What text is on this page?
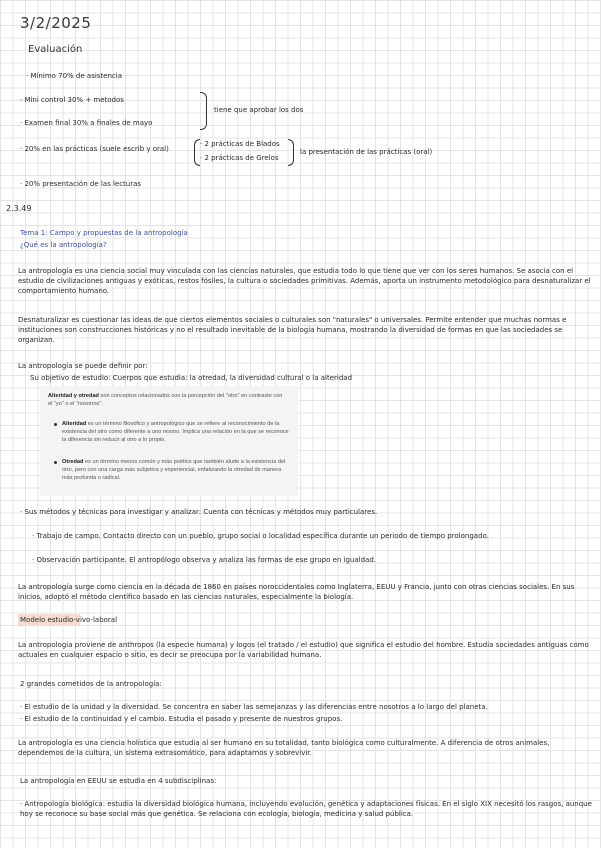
3/2/2025
Evaluación
· Mínimo 70% de asistencia
· Mini control 30% + metodos
· Examen final 30% a finales de mayo
tiene que aprobar los dos
· 20% en las prácticas (suele escrib y oral)
· 2 prácticas de Blados
· 2 prácticas de Grelos
la presentación de las prácticas (oral)
· 20% presentación de las lecturas
2.3.49
Tema 1: Campo y propuestas de la antropología
¿Qué es la antropología?
La antropología es una ciencia social muy vinculada con las ciencias naturales, que estudia todo lo que tiene que ver con los seres humanos. Se asocia con el estudio de civilizaciones antiguas y exóticas, restos fósiles, la cultura o sociedades primitivas. Además, aporta un instrumento metodológico para desnaturalizar el comportamiento humano.
Desnaturalizar es cuestionar las ideas de que ciertos elementos sociales o culturales son "naturales" o universales. Permite entender que muchas normas e instituciones son construcciones históricas y no el resultado inevitable de la biología humana, mostrando la diversidad de formas en que las sociedades se organizan.
La antropología se puede definir por:
Su objetivo de estudio: Cuerpos que estudia: la otredad, la diversidad cultural o la alteridad
Alteridad y otredad son conceptos relacionados con la percepción del "otro" en contraste con el "yo" o el "nosotros".
Alteridad es un término filosófico y antropológico que se refiere al reconocimiento de la existencia del otro como diferente a uno mismo. Implica una relación en la que se reconoce la diferencia sin reducir al otro a lo propio.
Otredad es un término menos común y más poético que también alude a la existencia del otro, pero con una carga más subjetiva y experiencial, enfatizando la otredad de manera más profunda o radical.
· Sus métodos y técnicas para investigar y analizar: Cuenta con técnicas y métodos muy particulares.
· Trabajo de campo. Contacto directo con un pueblo, grupo social o localidad específica durante un periodo de tiempo prolongado.
· Observación participante. El antropólogo observa y analiza las formas de ese grupo en igualdad.
La antropología surge como ciencia en la década de 1860 en países noroccidentales como Inglaterra, EEUU y Francia, junto con otras ciencias sociales. En sus inicios, adoptó el método científico basado en las ciencias naturales, especialmente la biología.
Modelo estudio-vivo-laboral
La antropología proviene de anthropos (la especie humana) y logos (el tratado / el estudio) que significa el estudio del hombre. Estudia sociedades antiguas como actuales en cualquier espacio o sitio, es decir se preocupa por la variabilidad humana.
2 grandes cometidos de la antropología:
· El estudio de la unidad y la diversidad. Se concentra en saber las semejanzas y las diferencias entre nosotros a lo largo del planeta.
· El estudio de la continuidad y el cambio. Estudia el pasado y presente de nuestros grupos.
La antropología es una ciencia holística que estudia al ser humano en su totalidad, tanto biológica como culturalmente. A diferencia de otros animales, dependemos de la cultura, un sistema extrasomático, para adaptarnos y sobrevivir.
La antropología en EEUU se estudia en 4 subdisciplinas:
· Antropología biológica: estudia la diversidad biológica humana, incluyendo evolución, genética y adaptaciones físicas. En el siglo XIX necesitó los rasgos, aunque hoy se reconoce su base social más que genética. Se relaciona con ecología, biología, medicina y salud pública.
